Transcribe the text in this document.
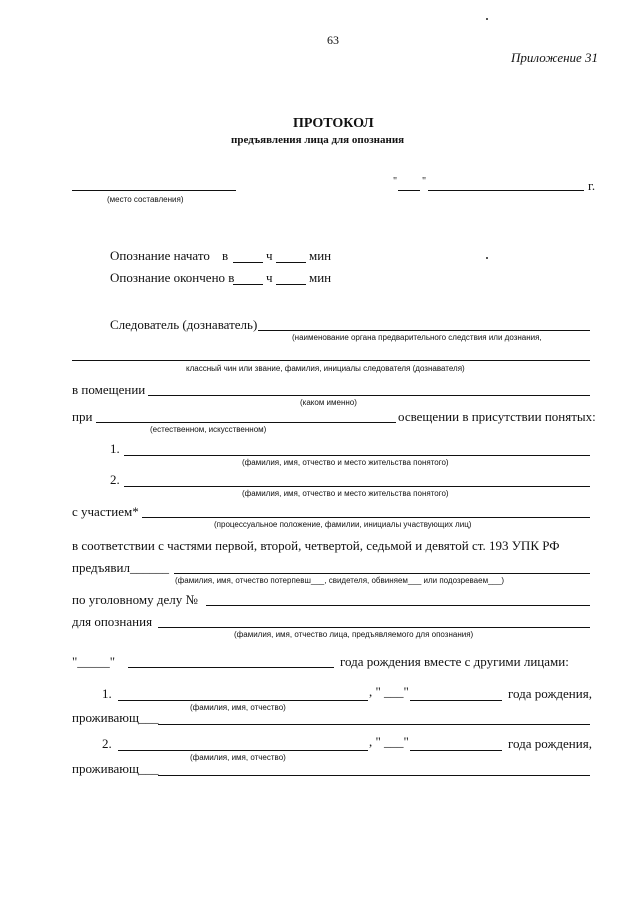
63
Приложение 31
ПРОТОКОЛ
предъявления лица для опознания
(место составления)
" "	г.
Опознание начато в	ч	мин
Опознание окончено в ч	мин
Следователь (дознаватель)
(наименование органа предварительного следствия или дознания,
классный чин или звание, фамилия, инициалы следователя (дознавателя)
в помещении
(каком именно)
при	освещении в присутствии понятых:
(естественном, искусственном)
1.
(фамилия, имя, отчество и место жительства понятого)
2.
(фамилия, имя, отчество и место жительства понятого)
с участием*
(процессуальное положение, фамилии, инициалы участвующих лиц)
в соответствии с частями первой, второй, четвертой, седьмой и девятой ст. 193 УПК РФ
предъявил______
(фамилия, имя, отчество потерпевш___, свидетеля, обвиняем___ или подозреваем___)
по уголовному делу №
для опознания
(фамилия, имя, отчество лица, предъявляемого для опознания)
"_____"	года рождения вместе с другими лицами:
1.	, " ___"	года рождения,
(фамилия, имя, отчество)
проживающ___
2.	, " ___"	года рождения,
(фамилия, имя, отчество)
проживающ___
